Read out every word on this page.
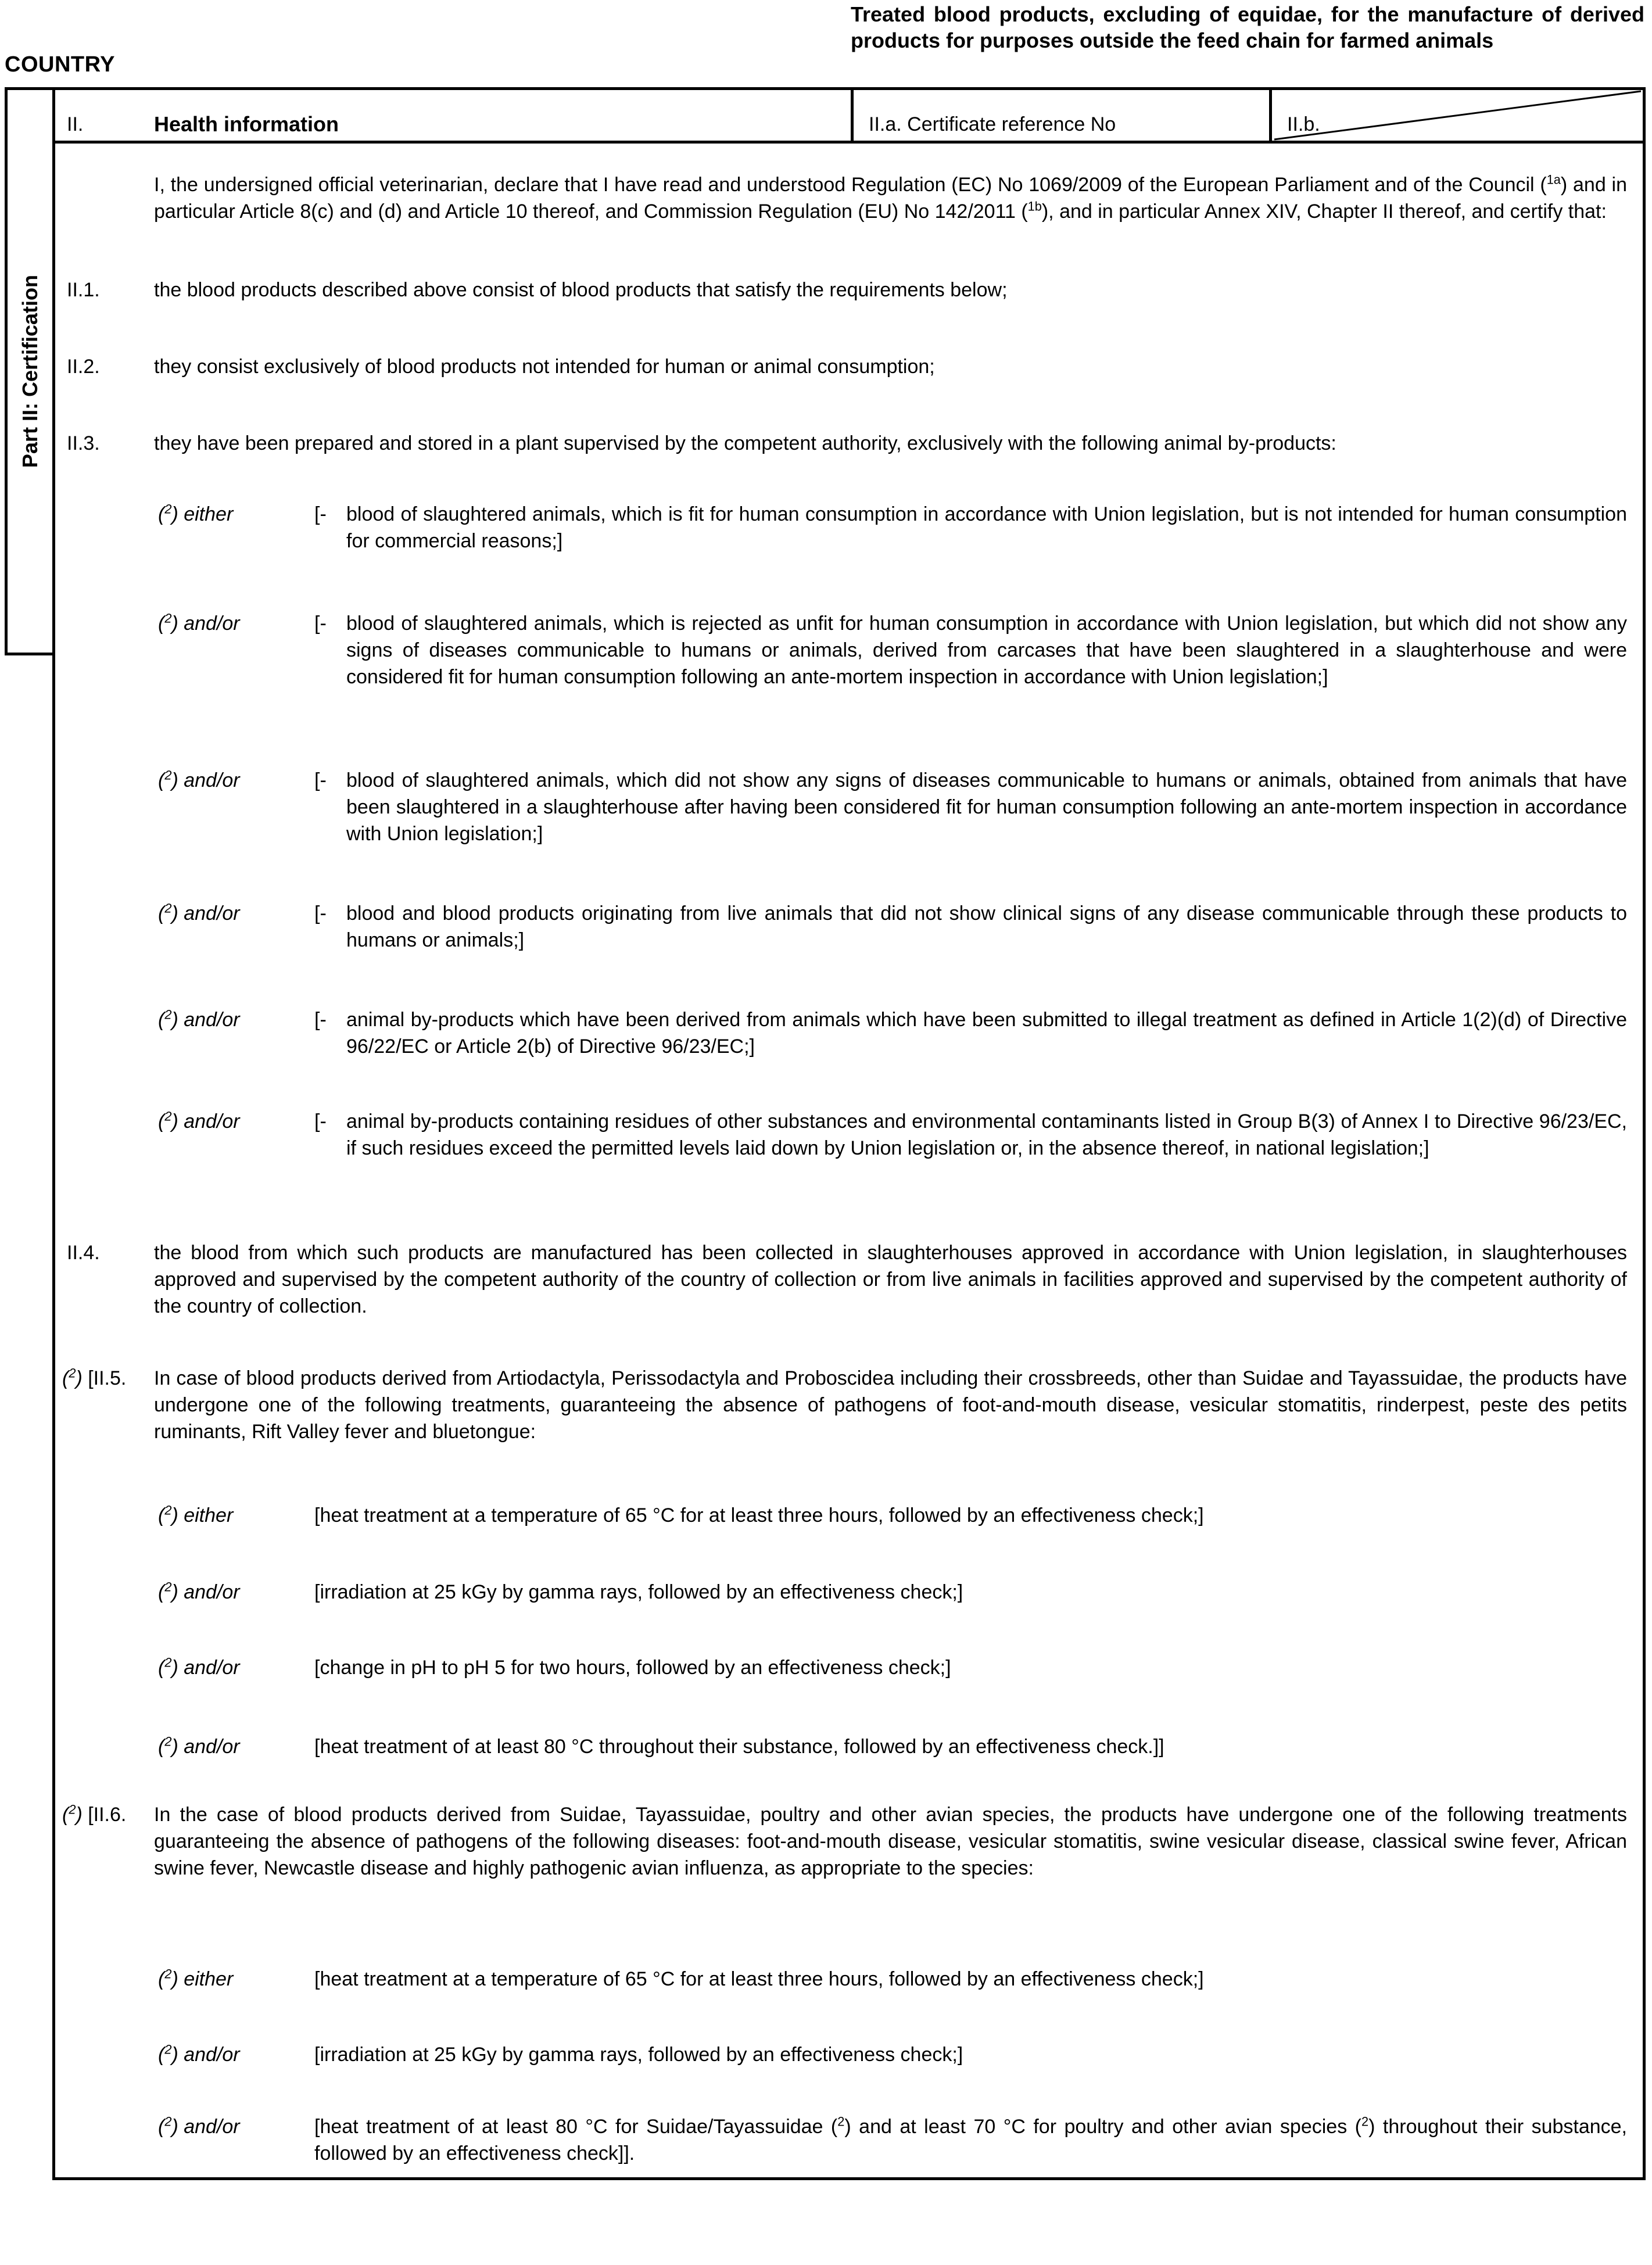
COUNTRY
Treated blood products, excluding of equidae, for the manufacture of derived products for purposes outside the feed chain for farmed animals
Part II: Certification
II.	Health information	II.a. Certificate reference No	II.b.
I, the undersigned official veterinarian, declare that I have read and understood Regulation (EC) No 1069/2009 of the European Parliament and of the Council ($^{1a}$) and in particular Article 8(c) and (d) and Article 10 thereof, and Commission Regulation (EU) No 142/2011 ($^{1b}$), and in particular Annex XIV, Chapter II thereof, and certify that:
II.1.	the blood products described above consist of blood products that satisfy the requirements below;
II.2.	they consist exclusively of blood products not intended for human or animal consumption;
II.3.	they have been prepared and stored in a plant supervised by the competent authority, exclusively with the following animal by-products:
($^2$) either	[- blood of slaughtered animals, which is fit for human consumption in accordance with Union legislation, but is not intended for human consumption for commercial reasons;]
($^2$) and/or	[- blood of slaughtered animals, which is rejected as unfit for human consumption in accordance with Union legislation, but which did not show any signs of diseases communicable to humans or animals, derived from carcases that have been slaughtered in a slaughterhouse and were considered fit for human consumption following an ante-mortem inspection in accordance with Union legislation;]
($^2$) and/or	[- blood of slaughtered animals, which did not show any signs of diseases communicable to humans or animals, obtained from animals that have been slaughtered in a slaughterhouse after having been considered fit for human consumption following an ante-mortem inspection in accordance with Union legislation;]
($^2$) and/or	[- blood and blood products originating from live animals that did not show clinical signs of any disease communicable through these products to humans or animals;]
($^2$) and/or	[- animal by-products which have been derived from animals which have been submitted to illegal treatment as defined in Article 1(2)(d) of Directive 96/22/EC or Article 2(b) of Directive 96/23/EC;]
($^2$) and/or	[- animal by-products containing residues of other substances and environmental contaminants listed in Group B(3) of Annex I to Directive 96/23/EC, if such residues exceed the permitted levels laid down by Union legislation or, in the absence thereof, in national legislation;]
II.4.	the blood from which such products are manufactured has been collected in slaughterhouses approved in accordance with Union legislation, in slaughterhouses approved and supervised by the competent authority of the country of collection or from live animals in facilities approved and supervised by the competent authority of the country of collection.
($^2$) [II.5. In case of blood products derived from Artiodactyla, Perissodactyla and Proboscidea including their crossbreeds, other than Suidae and Tayassuidae, the products have undergone one of the following treatments, guaranteeing the absence of pathogens of foot-and-mouth disease, vesicular stomatitis, rinderpest, peste des petits ruminants, Rift Valley fever and bluetongue:
($^2$) either	[heat treatment at a temperature of 65 °C for at least three hours, followed by an effectiveness check;]
($^2$) and/or	[irradiation at 25 kGy by gamma rays, followed by an effectiveness check;]
($^2$) and/or	[change in pH to pH 5 for two hours, followed by an effectiveness check;]
($^2$) and/or	[heat treatment of at least 80 °C throughout their substance, followed by an effectiveness check.]]
($^2$) [II.6. In the case of blood products derived from Suidae, Tayassuidae, poultry and other avian species, the products have undergone one of the following treatments guaranteeing the absence of pathogens of the following diseases: foot-and-mouth disease, vesicular stomatitis, swine vesicular disease, classical swine fever, African swine fever, Newcastle disease and highly pathogenic avian influenza, as appropriate to the species:
($^2$) either	[heat treatment at a temperature of 65 °C for at least three hours, followed by an effectiveness check;]
($^2$) and/or	[irradiation at 25 kGy by gamma rays, followed by an effectiveness check;]
($^2$) and/or	[heat treatment of at least 80 °C for Suidae/Tayassuidae ($^2$) and at least 70 °C for poultry and other avian species ($^2$) throughout their substance, followed by an effectiveness check]].
